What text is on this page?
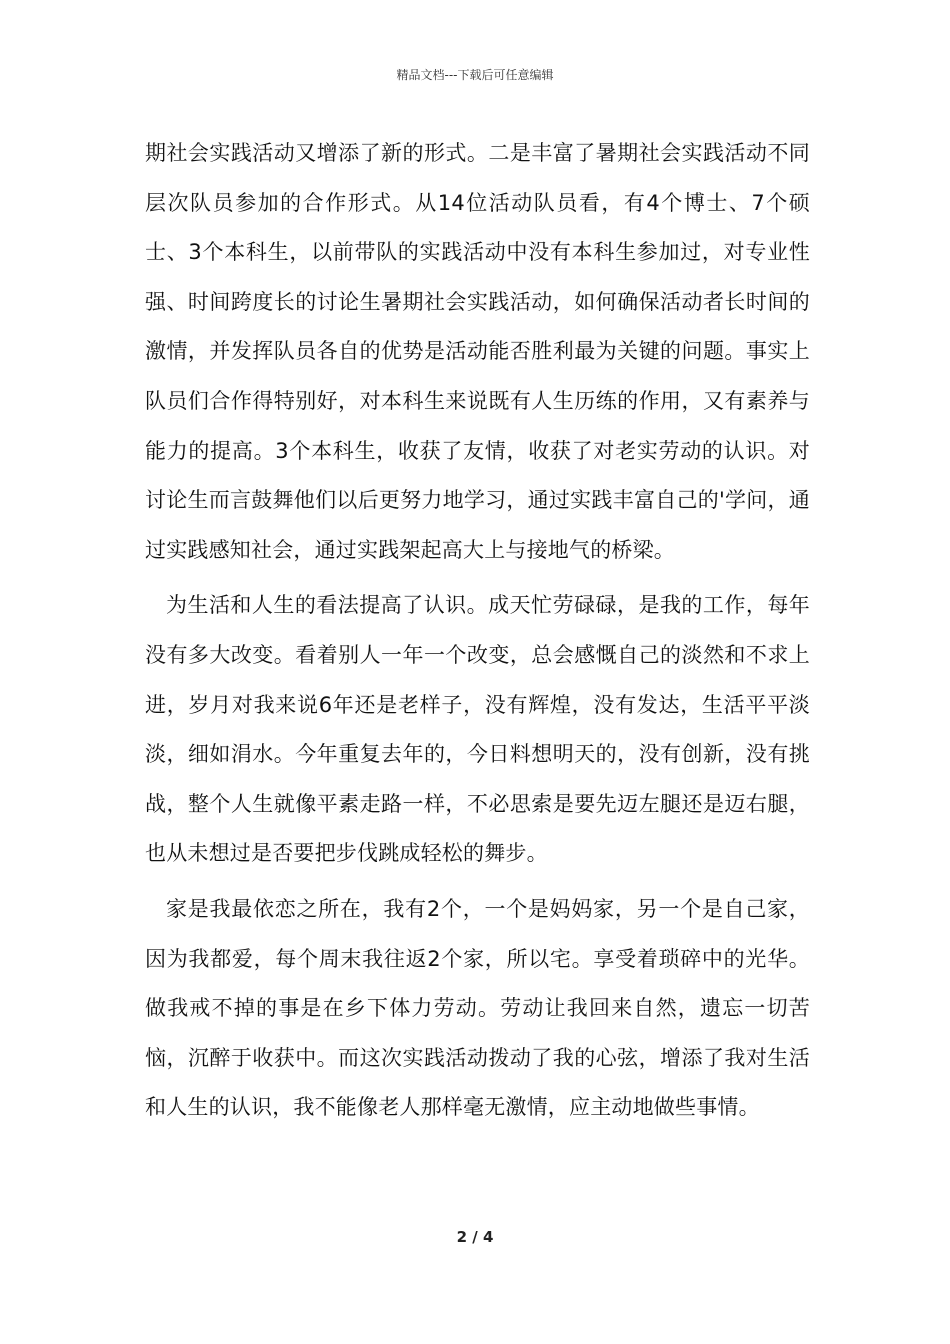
精品文档---下载后可任意编辑

期社会实践活动又增添了新的形式。二是丰富了暑期社会实践活动不同层次队员参加的合作形式。从14位活动队员看，有4个博士、7个硕士、3个本科生，以前带队的实践活动中没有本科生参加过，对专业性强、时间跨度长的讨论生暑期社会实践活动，如何确保活动者长时间的激情，并发挥队员各自的优势是活动能否胜利最为关键的问题。事实上队员们合作得特别好，对本科生来说既有人生历练的作用，又有素养与能力的提高。3个本科生，收获了友情，收获了对老实劳动的认识。对讨论生而言鼓舞他们以后更努力地学习，通过实践丰富自己的'学问，通过实践感知社会，通过实践架起高大上与接地气的桥梁。

为生活和人生的看法提高了认识。成天忙劳碌碌，是我的工作，每年没有多大改变。看着别人一年一个改变，总会感慨自己的淡然和不求上进，岁月对我来说6年还是老样子，没有辉煌，没有发达，生活平平淡淡，细如涓水。今年重复去年的，今日料想明天的，没有创新，没有挑战，整个人生就像平素走路一样，不必思索是要先迈左腿还是迈右腿，也从未想过是否要把步伐跳成轻松的舞步。

家是我最依恋之所在，我有2个，一个是妈妈家，另一个是自己家，因为我都爱，每个周末我往返2个家，所以宅。享受着琐碎中的光华。做我戒不掉的事是在乡下体力劳动。劳动让我回来自然，遗忘一切苦恼，沉醉于收获中。而这次实践活动拨动了我的心弦，增添了我对生活和人生的认识，我不能像老人那样毫无激情，应主动地做些事情。

2 / 4
